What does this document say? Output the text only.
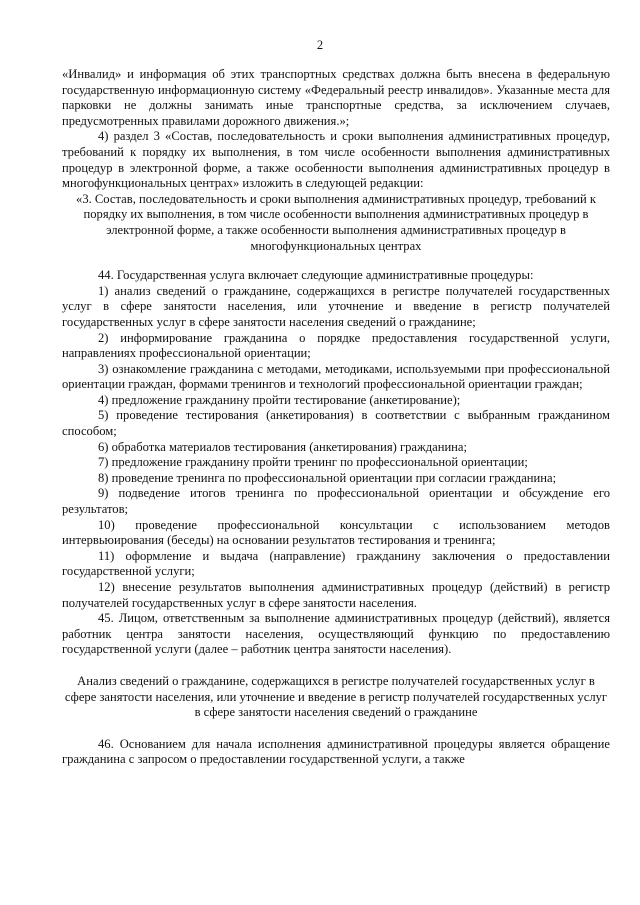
2

«Инвалид» и информация об этих транспортных средствах должна быть внесена в федеральную государственную информационную систему «Федеральный реестр инвалидов». Указанные места для парковки не должны занимать иные транспортные средства, за исключением случаев, предусмотренных правилами дорожного движения.»;

4) раздел 3 «Состав, последовательность и сроки выполнения административных процедур, требований к порядку их выполнения, в том числе особенности выполнения административных процедур в электронной форме, а также особенности выполнения административных процедур в многофункциональных центрах» изложить в следующей редакции:

«3. Состав, последовательность и сроки выполнения административных процедур, требований к порядку их выполнения, в том числе особенности выполнения административных процедур в электронной форме, а также особенности выполнения административных процедур в многофункциональных центрах

44. Государственная услуга включает следующие административные процедуры:

1) анализ сведений о гражданине, содержащихся в регистре получателей государственных услуг в сфере занятости населения, или уточнение и введение в регистр получателей государственных услуг в сфере занятости населения сведений о гражданине;

2) информирование гражданина о порядке предоставления государственной услуги, направлениях профессиональной ориентации;

3) ознакомление гражданина с методами, методиками, используемыми при профессиональной ориентации граждан, формами тренингов и технологий профессиональной ориентации граждан;

4) предложение гражданину пройти тестирование (анкетирование);

5) проведение тестирования (анкетирования) в соответствии с выбранным гражданином способом;

6) обработка материалов тестирования (анкетирования) гражданина;

7) предложение гражданину пройти тренинг по профессиональной ориентации;

8) проведение тренинга по профессиональной ориентации при согласии гражданина;

9) подведение итогов тренинга по профессиональной ориентации и обсуждение его результатов;

10) проведение профессиональной консультации с использованием методов интервьюирования (беседы) на основании результатов тестирования и тренинга;

11) оформление и выдача (направление) гражданину заключения о предоставлении государственной услуги;

12) внесение результатов выполнения административных процедур (действий) в регистр получателей государственных услуг в сфере занятости населения.

45. Лицом, ответственным за выполнение административных процедур (действий), является работник центра занятости населения, осуществляющий функцию по предоставлению государственной услуги (далее – работник центра занятости населения).

Анализ сведений о гражданине, содержащихся в регистре получателей государственных услуг в сфере занятости населения, или уточнение и введение в регистр получателей государственных услуг в сфере занятости населения сведений о гражданине

46. Основанием для начала исполнения административной процедуры является обращение гражданина с запросом о предоставлении государственной услуги, а также
